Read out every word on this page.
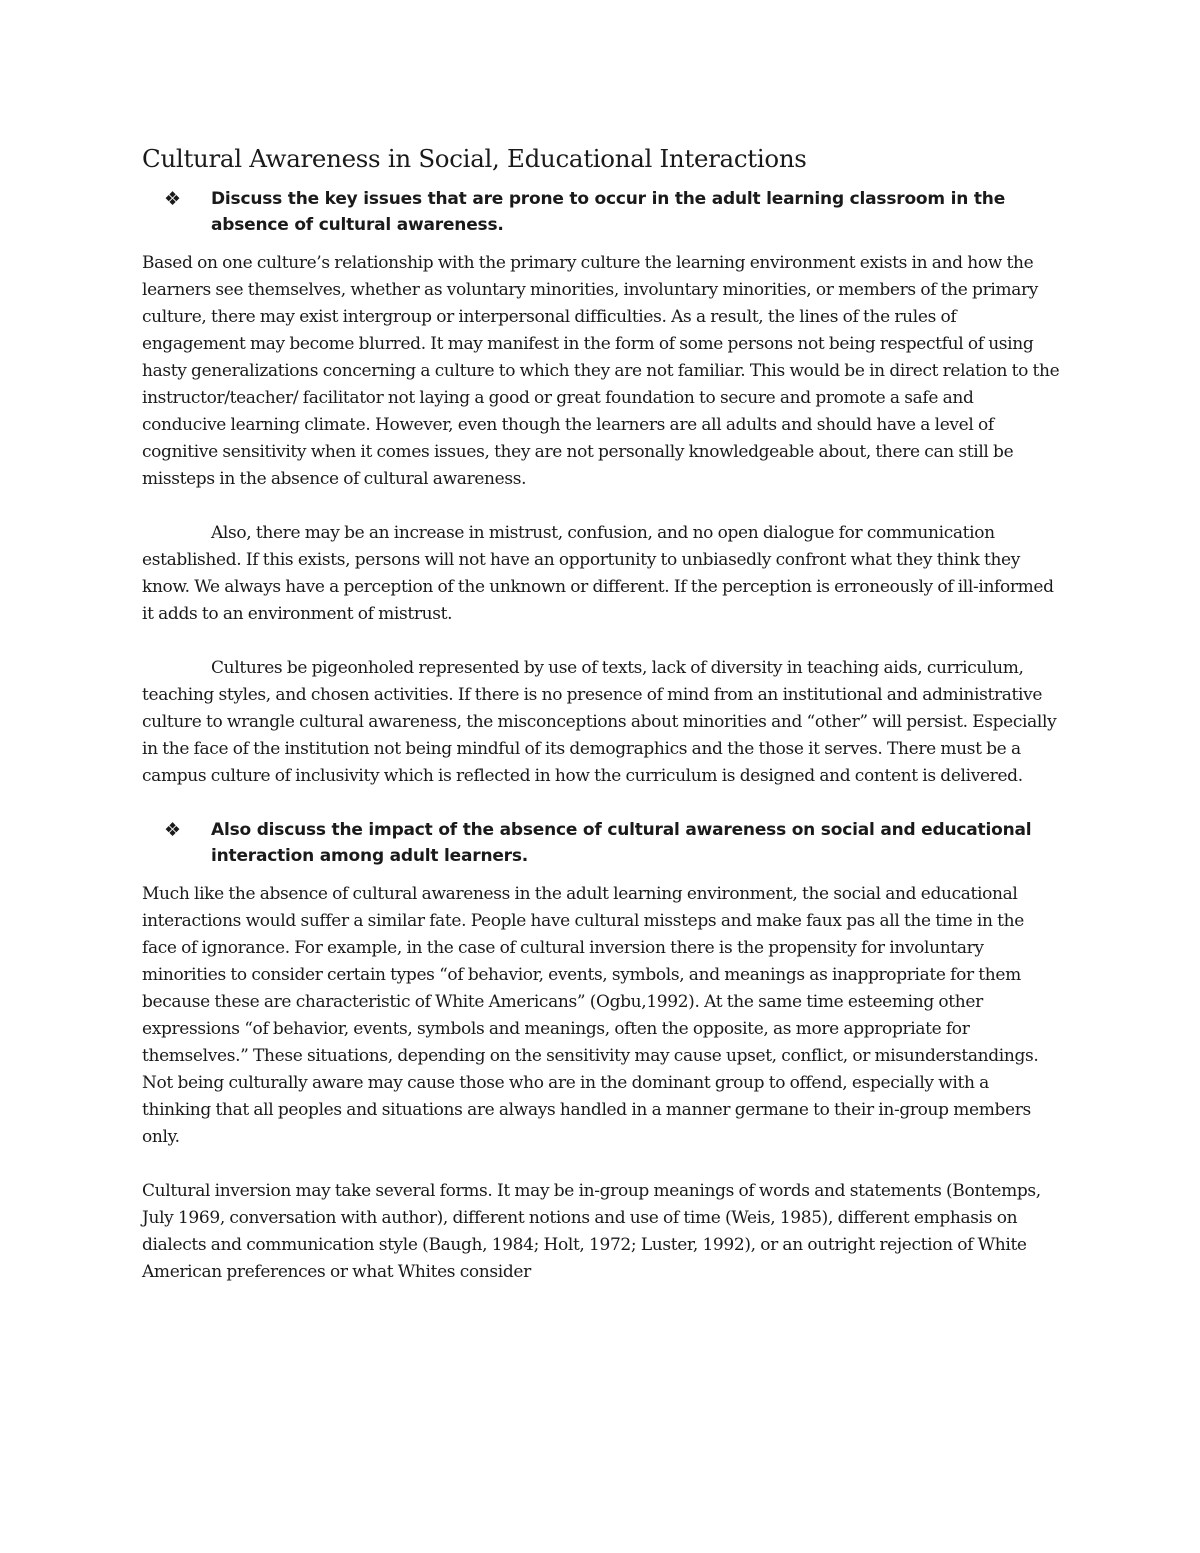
Cultural Awareness in Social, Educational Interactions
❖ Discuss the key issues that are prone to occur in the adult learning classroom in the absence of cultural awareness.

Based on one culture’s relationship with the primary culture the learning environment exists in and how the learners see themselves, whether as voluntary minorities, involuntary minorities, or members of the primary culture, there may exist intergroup or interpersonal difficulties. As a result, the lines of the rules of engagement may become blurred. It may manifest in the form of some persons not being respectful of using hasty generalizations concerning a culture to which they are not familiar. This would be in direct relation to the instructor/teacher/ facilitator not laying a good or great foundation to secure and promote a safe and conducive learning climate. However, even though the learners are all adults and should have a level of cognitive sensitivity when it comes issues, they are not personally knowledgeable about, there can still be missteps in the absence of cultural awareness.

Also, there may be an increase in mistrust, confusion, and no open dialogue for communication established. If this exists, persons will not have an opportunity to unbiasedly confront what they think they know. We always have a perception of the unknown or different. If the perception is erroneously of ill-informed it adds to an environment of mistrust.

Cultures be pigeonholed represented by use of texts, lack of diversity in teaching aids, curriculum, teaching styles, and chosen activities. If there is no presence of mind from an institutional and administrative culture to wrangle cultural awareness, the misconceptions about minorities and “other” will persist. Especially in the face of the institution not being mindful of its demographics and the those it serves. There must be a campus culture of inclusivity which is reflected in how the curriculum is designed and content is delivered.

❖ Also discuss the impact of the absence of cultural awareness on social and educational interaction among adult learners.

Much like the absence of cultural awareness in the adult learning environment, the social and educational interactions would suffer a similar fate. People have cultural missteps and make faux pas all the time in the face of ignorance. For example, in the case of cultural inversion there is the propensity for involuntary minorities to consider certain types “of behavior, events, symbols, and meanings as inappropriate for them because these are characteristic of White Americans” (Ogbu,1992). At the same time esteeming other expressions “of behavior, events, symbols and meanings, often the opposite, as more appropriate for themselves.” These situations, depending on the sensitivity may cause upset, conflict, or misunderstandings. Not being culturally aware may cause those who are in the dominant group to offend, especially with a thinking that all peoples and situations are always handled in a manner germane to their in-group members only.

Cultural inversion may take several forms. It may be in-group meanings of words and statements (Bontemps, July 1969, conversation with author), different notions and use of time (Weis, 1985), different emphasis on dialects and communication style (Baugh, 1984; Holt, 1972; Luster, 1992), or an outright rejection of White American preferences or what Whites consider
